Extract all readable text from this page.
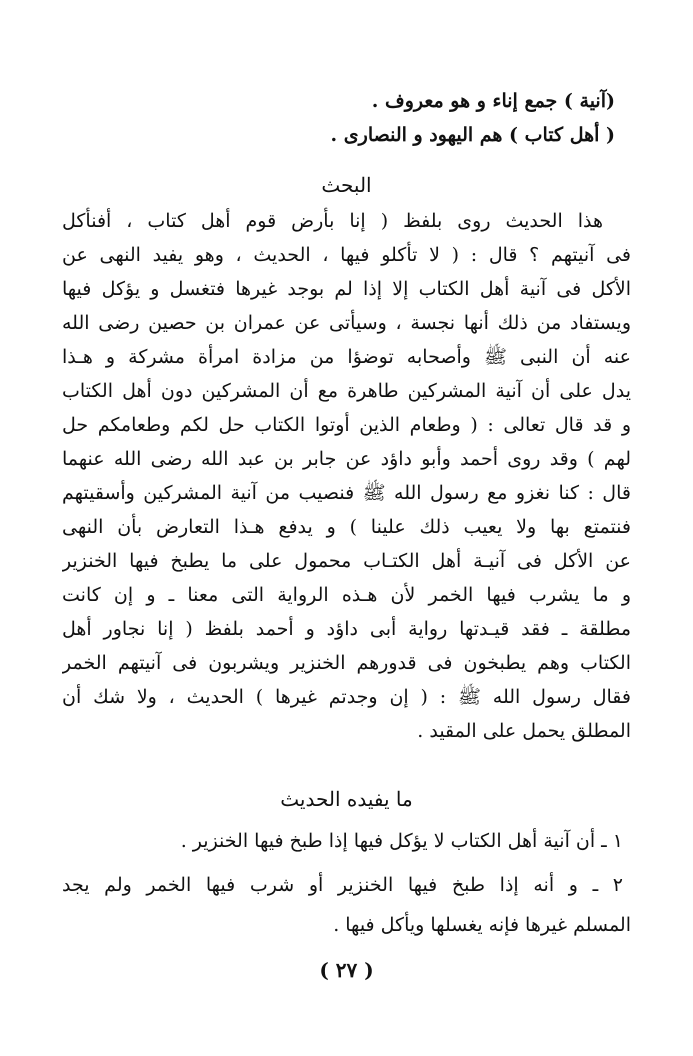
(آنية ) جمع إناء و هو معروف .
( أهل كتاب ) هم اليهود و النصارى .
البحث
هذا الحديث روى بلفظ ( إنا بأرض قوم أهل كتاب ، أفنأكل
فى آنيتهم ؟ قال : ( لا تأكلو فيها ، الحديث ، وهو يفيد النهى عن
الأكل فى آنية أهل الكتاب إلا إذا لم بوجد غيرها فتغسل و يؤكل فيها
ويستفاد من ذلك أنها نجسة ، وسيأتى عن عمران بن حصين رضى الله
عنه أن النبى ﷺ وأصحابه توضؤا من مزادة امرأة مشركة و هـذا
يدل على أن آنية المشركين طاهرة مع أن المشركين دون أهل الكتاب
و قد قال تعالى : ( وطعام الذين أوتوا الكتاب حل لكم وطعامكم حل
لهم ) وقد روى أحمد وأبو داؤد عن جابر بن عبد الله رضى الله عنهما
قال : كنا نغزو مع رسول الله ﷺ فنصيب من آنية المشركين وأسقيتهم
فنتمتع بها ولا يعيب ذلك علينا ) و يدفع هـذا التعارض بأن النهى
عن الأكل فى آنيـة أهل الكتـاب محمول على ما يطبخ فيها الخنزير
و ما يشرب فيها الخمر لأن هـذه الرواية التى معنا ـ و إن كانت
مطلقة ـ فقد قيـدتها رواية أبى داؤد و أحمد بلفظ ( إنا نجاور أهل
الكتاب وهم يطبخون فى قدورهم الخنزير ويشربون فى آنيتهم الخمر
فقال رسول الله ﷺ : ( إن وجدتم غيرها ) الحديث ، ولا شك أن
المطلق يحمل على المقيد .
ما يفيده الحديث
١ ـ أن آنية أهل الكتاب لا يؤكل فيها إذا طبخ فيها الخنزير .
٢ ـ و أنه إذا طبخ فيها الخنزير أو شرب فيها الخمر ولم يجد
المسلم غيرها فإنه يغسلها ويأكل فيها .
( ٢٧ )
